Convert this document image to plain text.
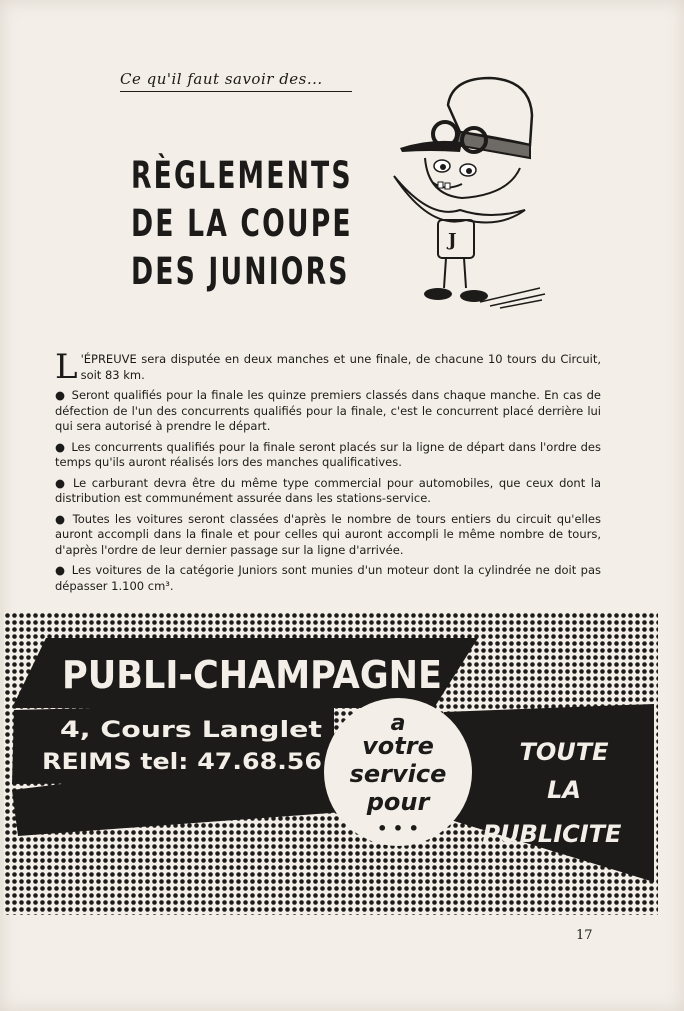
Ce qu'il faut savoir des...
RÈGLEMENTS
DE LA COUPE
DES JUNIORS
J

L 'ÉPREUVE sera disputée en deux manches et une finale, de chacune 10 tours du Circuit, soit 83 km.

● Seront qualifiés pour la finale les quinze premiers classés dans chaque manche. En cas de défection de l'un des concurrents qualifiés pour la finale, c'est le concurrent placé derrière lui qui sera autorisé à prendre le départ.

● Les concurrents qualifiés pour la finale seront placés sur la ligne de départ dans l'ordre des temps qu'ils auront réalisés lors des manches qualificatives.

● Le carburant devra être du même type commercial pour automobiles, que ceux dont la distribution est communément assurée dans les stations-service.

● Toutes les voitures seront classées d'après le nombre de tours entiers du circuit qu'elles auront accompli dans la finale et pour celles qui auront accompli le même nombre de tours, d'après l'ordre de leur dernier passage sur la ligne d'arrivée.

● Les voitures de la catégorie Juniors sont munies d'un moteur dont la cylindrée ne doit pas dépasser 1.100 cm³.

PUBLI-CHAMPAGNE
4, Cours Langlet
REIMS tel: 47.68.56
a
votre
service
pour
• • •
TOUTE
LA
PUBLICITE
17
